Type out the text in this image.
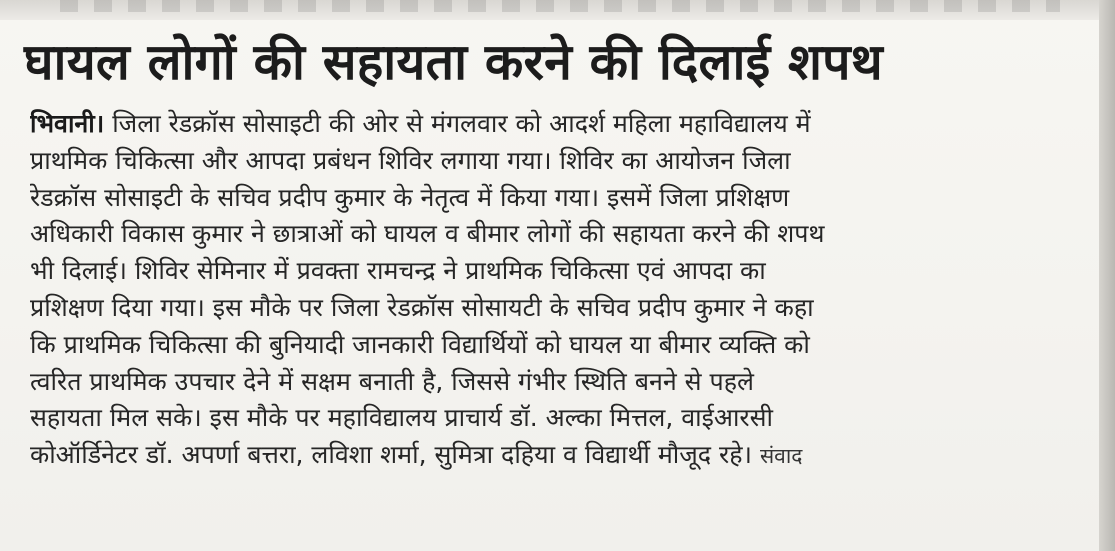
घायल लोगों की सहायता करने की दिलाई शपथ
भिवानी। जिला रेडक्रॉस सोसाइटी की ओर से मंगलवार को आदर्श महिला महाविद्यालय में
प्राथमिक चिकित्सा और आपदा प्रबंधन शिविर लगाया गया। शिविर का आयोजन जिला
रेडक्रॉस सोसाइटी के सचिव प्रदीप कुमार के नेतृत्व में किया गया। इसमें जिला प्रशिक्षण
अधिकारी विकास कुमार ने छात्राओं को घायल व बीमार लोगों की सहायता करने की शपथ
भी दिलाई। शिविर सेमिनार में प्रवक्ता रामचन्द्र ने प्राथमिक चिकित्सा एवं आपदा का
प्रशिक्षण दिया गया। इस मौके पर जिला रेडक्रॉस सोसायटी के सचिव प्रदीप कुमार ने कहा
कि प्राथमिक चिकित्सा की बुनियादी जानकारी विद्यार्थियों को घायल या बीमार व्यक्ति को
त्वरित प्राथमिक उपचार देने में सक्षम बनाती है, जिससे गंभीर स्थिति बनने से पहले
सहायता मिल सके। इस मौके पर महाविद्यालय प्राचार्य डॉ. अल्का मित्तल, वाईआरसी
कोऑर्डिनेटर डॉ. अपर्णा बत्तरा, लविशा शर्मा, सुमित्रा दहिया व विद्यार्थी मौजूद रहे। संवाद
